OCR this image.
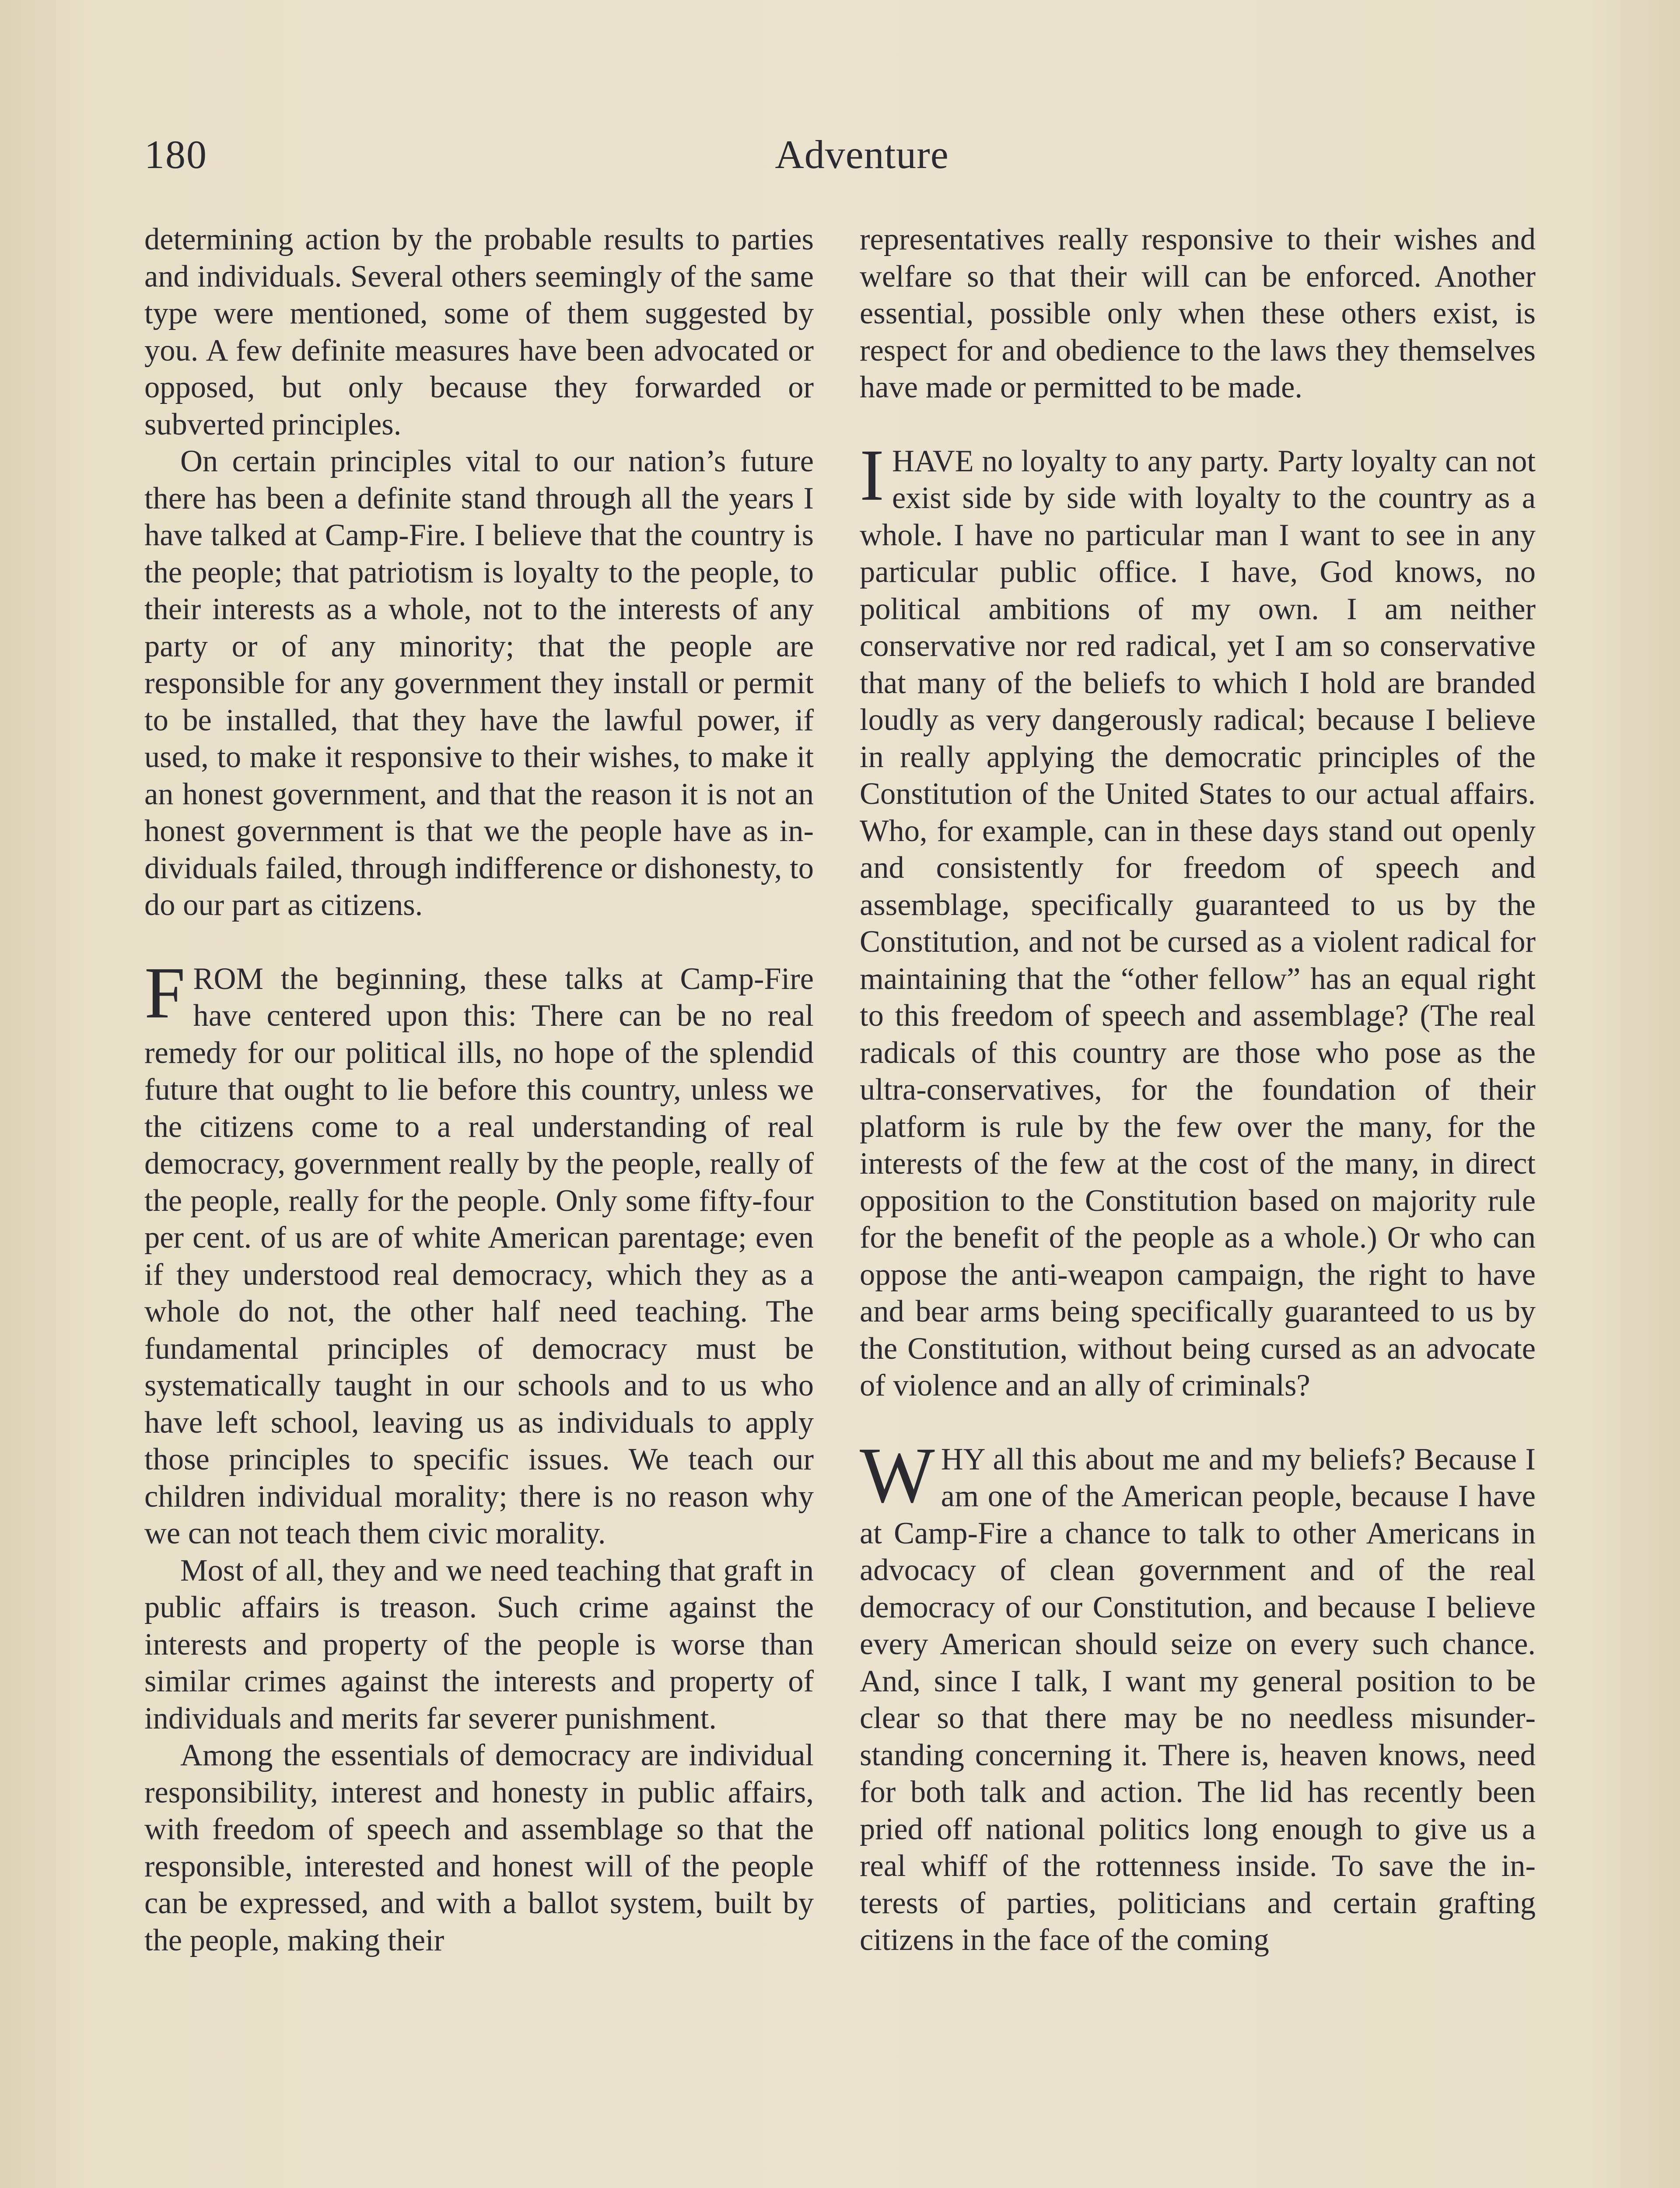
180	Adventure

determining action by the probable results to parties and individuals. Several others seemingly of the same type were mentioned, some of them suggested by you. A few definite measures have been advocated or opposed, but only because they forwarded or subverted principles.

On certain principles vital to our nation’s future there has been a definite stand through all the years I have talked at Camp-Fire. I believe that the country is the people; that patriotism is loyalty to the people, to their interests as a whole, not to the interests of any party or of any minority; that the people are responsible for any government they install or permit to be installed, that they have the lawful power, if used, to make it responsive to their wishes, to make it an honest government, and that the reason it is not an honest government is that we the people have as individuals failed, through indifference or dishonesty, to do our part as citizens.

FROM the beginning, these talks at Camp-Fire have centered upon this: There can be no real remedy for our political ills, no hope of the splendid future that ought to lie before this country, unless we the citizens come to a real understanding of real democracy, government really by the people, really of the people, really for the people. Only some fifty-four per cent. of us are of white American parentage; even if they understood real democracy, which they as a whole do not, the other half need teaching. The fundamental principles of democracy must be systematically taught in our schools and to us who have left school, leaving us as individuals to apply those principles to specific issues. We teach our children individual morality; there is no reason why we can not teach them civic morality.

Most of all, they and we need teaching that graft in public affairs is treason. Such crime against the interests and property of the people is worse than similar crimes against the interests and property of individuals and merits far severer punishment.

Among the essentials of democracy are individual responsibility, interest and honesty in public affairs, with freedom of speech and assemblage so that the responsible, interested and honest will of the people can be expressed, and with a ballot system, built by the people, making their

representatives really responsive to their wishes and welfare so that their will can be enforced. Another essential, possible only when these others exist, is respect for and obedience to the laws they themselves have made or permitted to be made.

IHAVE no loyalty to any party. Party loyalty can not exist side by side with loyalty to the country as a whole. I have no particular man I want to see in any particular public office. I have, God knows, no political ambitions of my own. I am neither conservative nor red radical, yet I am so conservative that many of the beliefs to which I hold are branded loudly as very dangerously radical; because I believe in really applying the democratic principles of the Constitution of the United States to our actual affairs. Who, for example, can in these days stand out openly and consistently for freedom of speech and assemblage, specifically guaranteed to us by the Constitution, and not be cursed as a violent radical for maintaining that the “other fellow” has an equal right to this freedom of speech and assemblage? (The real radicals of this country are those who pose as the ultra-conservatives, for the foundation of their platform is rule by the few over the many, for the interests of the few at the cost of the many, in direct opposition to the Constitution based on majority rule for the benefit of the people as a whole.) Or who can oppose the anti-weapon campaign, the right to have and bear arms being specifically guaranteed to us by the Constitution, without being cursed as an advocate of violence and an ally of criminals?

WHY all this about me and my beliefs? Because I am one of the American people, because I have at Camp-Fire a chance to talk to other Americans in advocacy of clean government and of the real democracy of our Constitution, and because I believe every American should seize on every such chance. And, since I talk, I want my general position to be clear so that there may be no needless misunderstanding concerning it. There is, heaven knows, need for both talk and action. The lid has recently been pried off national politics long enough to give us a real whiff of the rottenness inside. To save the interests of parties, politicians and certain grafting citizens in the face of the coming
